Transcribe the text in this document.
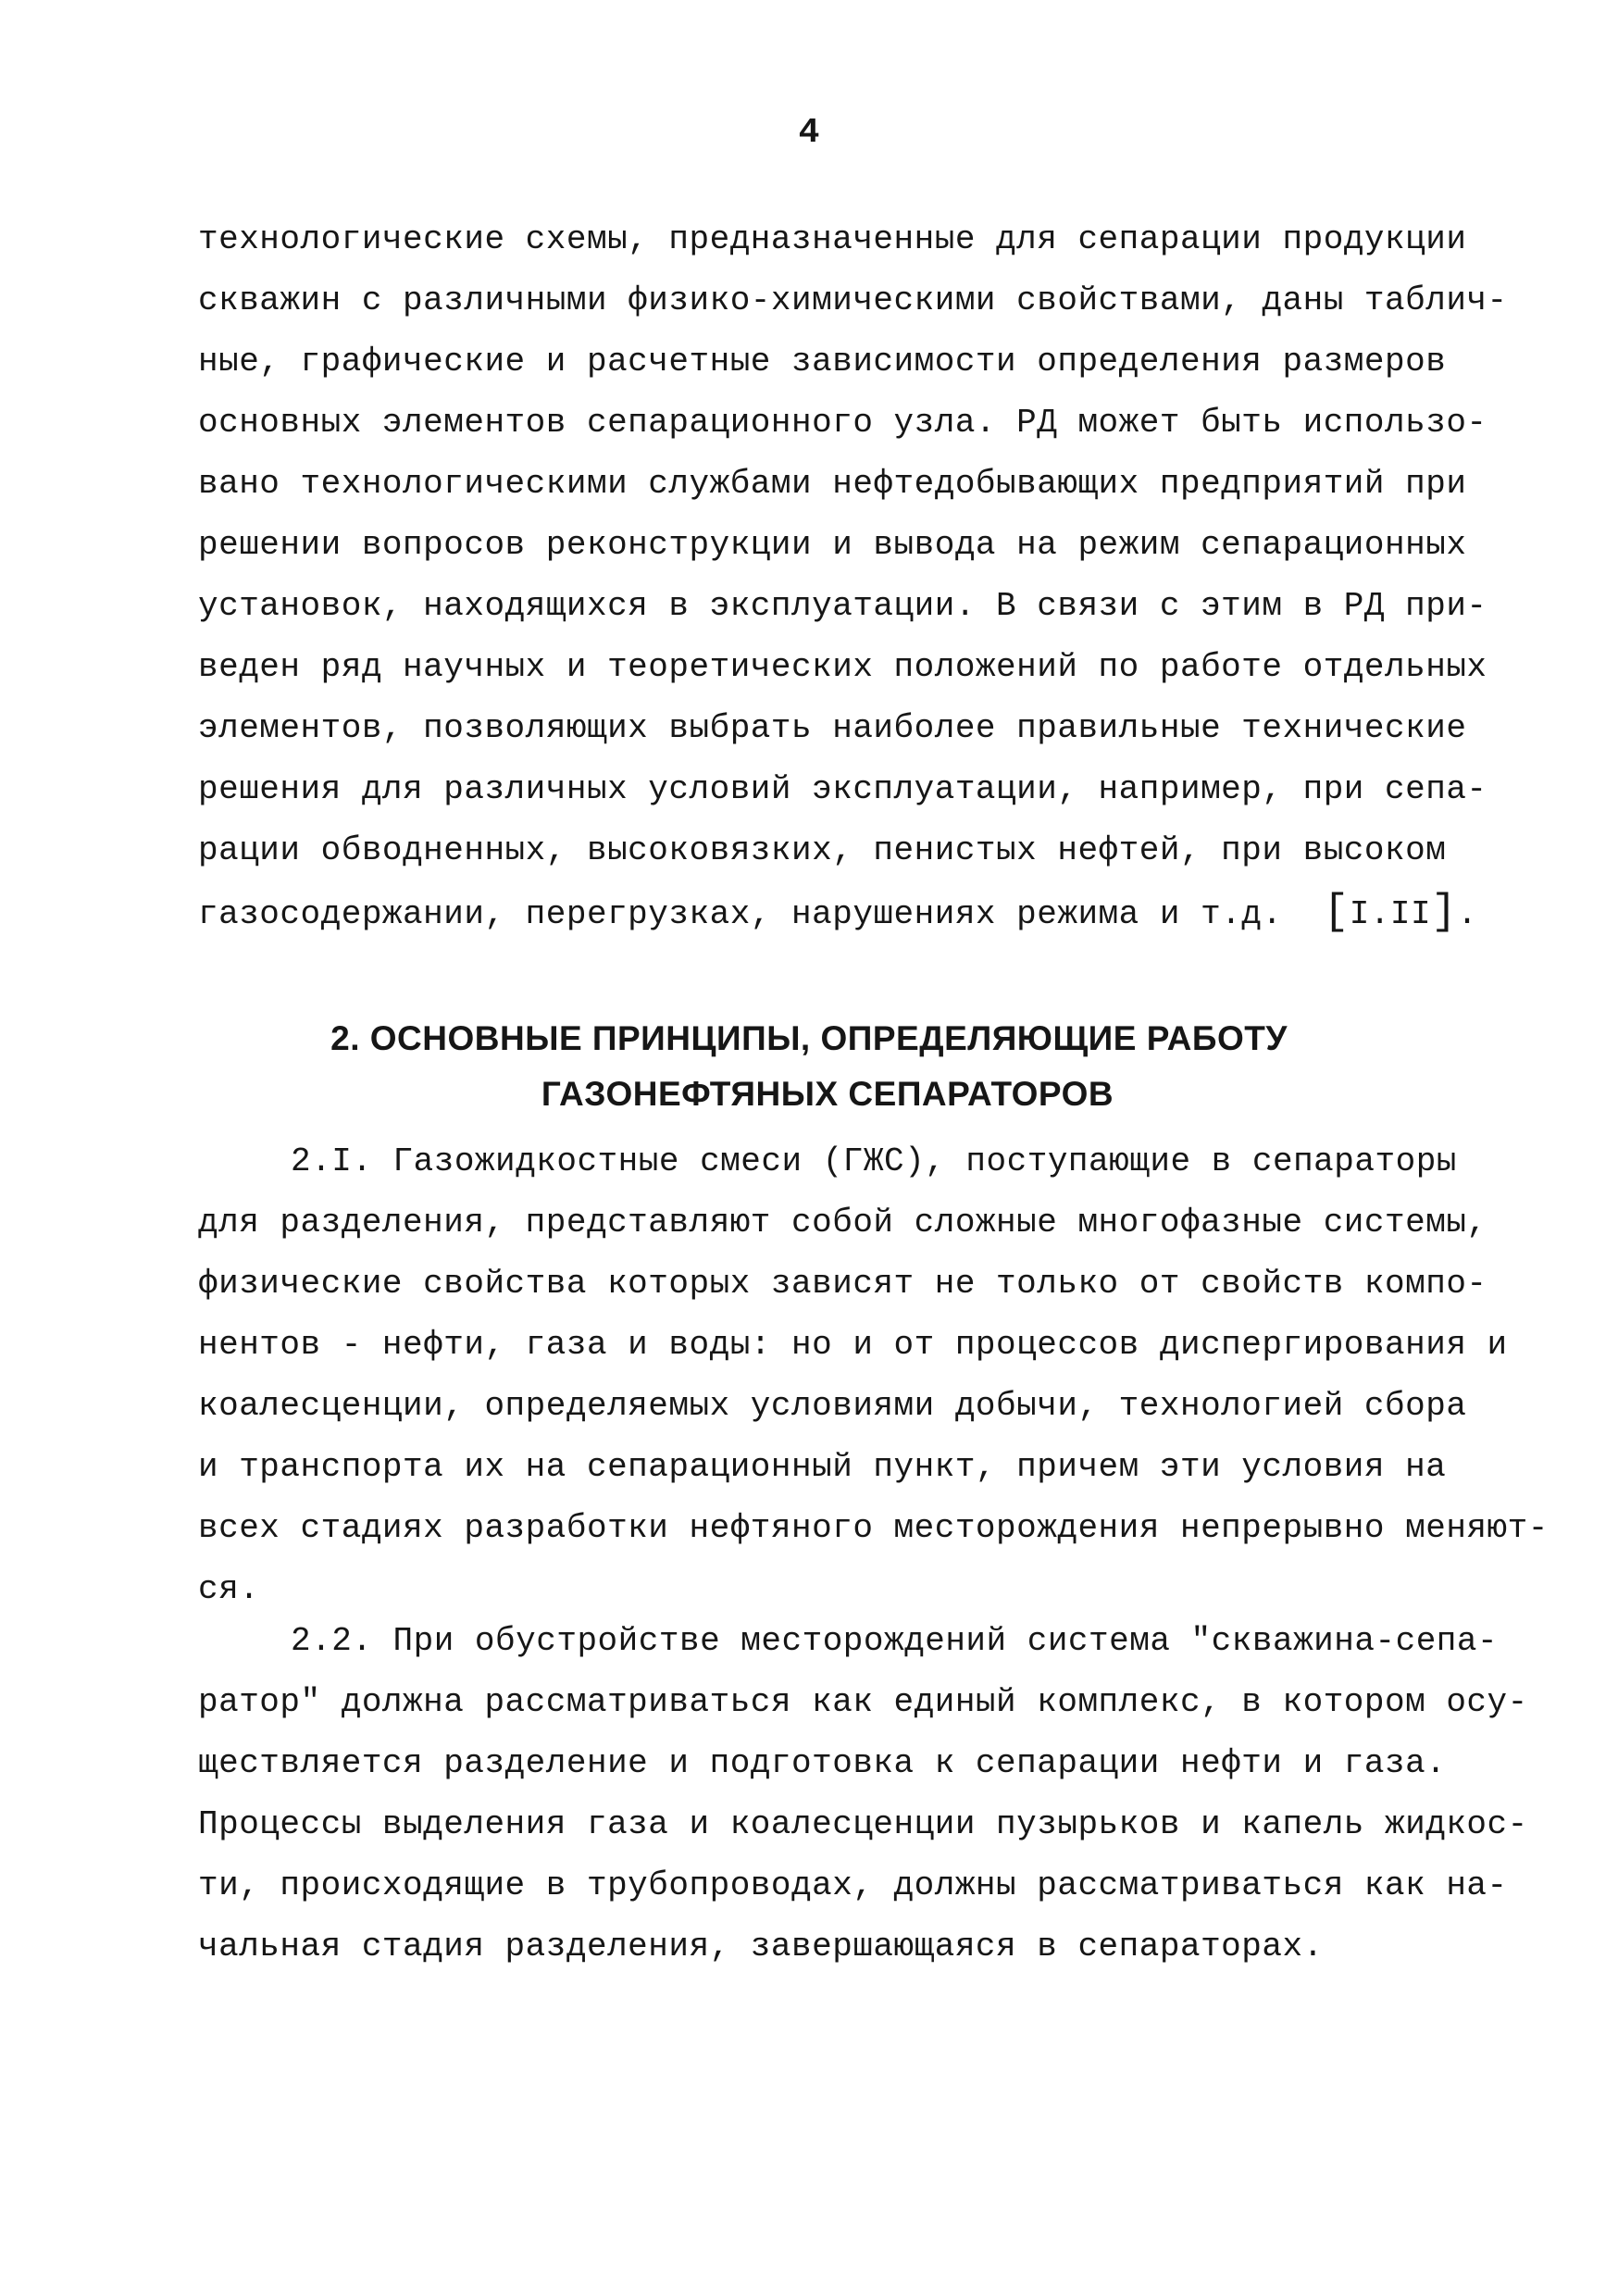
4
технологические схемы, предназначенные для сепарации продукции
скважин с различными физико-химическими свойствами, даны таблич-
ные, графические и расчетные зависимости определения размеров
основных элементов сепарационного узла. РД может быть использо-
вано технологическими службами нефтедобывающих предприятий при
решении вопросов реконструкции и вывода на режим сепарационных
установок, находящихся в эксплуатации. В связи с этим в РД при-
веден ряд научных и теоретических положений по работе отдельных
элементов, позволяющих выбрать наиболее правильные технические
решения для различных условий эксплуатации, например, при сепа-
рации обводненных, высоковязких, пенистых нефтей, при высоком
газосодержании, перегрузках, нарушениях режима и т.д. [I.II].
2. ОСНОВНЫЕ ПРИНЦИПЫ, ОПРЕДЕЛЯЮЩИЕ РАБОТУ
ГАЗОНЕФТЯНЫХ СЕПАРАТОРОВ
2.I. Газожидкостные смеси (ГЖС), поступающие в сепараторы
для разделения, представляют собой сложные многофазные системы,
физические свойства которых зависят не только от свойств компо-
нентов - нефти, газа и воды: но и от процессов диспергирования и
коалесценции, определяемых условиями добычи, технологией сбора
и транспорта их на сепарационный пункт, причем эти условия на
всех стадиях разработки нефтяного месторождения непрерывно меняют-
ся.
2.2. При обустройстве месторождений система "скважина-сепа-
ратор" должна рассматриваться как единый комплекс, в котором осу-
ществляется разделение и подготовка к сепарации нефти и газа.
Процессы выделения газа и коалесценции пузырьков и капель жидкос-
ти, происходящие в трубопроводах, должны рассматриваться как на-
чальная стадия разделения, завершающаяся в сепараторах.
